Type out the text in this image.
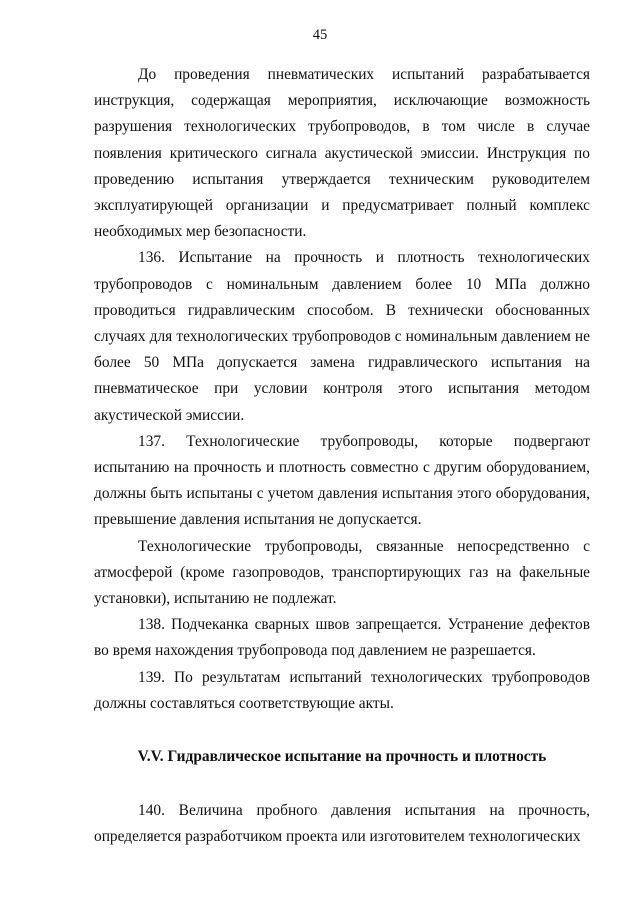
45

До проведения пневматических испытаний разрабатывается инструкция, содержащая мероприятия, исключающие возможность разрушения технологических трубопроводов, в том числе в случае появления критического сигнала акустической эмиссии. Инструкция по проведению испытания утверждается техническим руководителем эксплуатирующей организации и предусматривает полный комплекс необходимых мер безопасности.

136. Испытание на прочность и плотность технологических трубопроводов с номинальным давлением более 10 МПа должно проводиться гидравлическим способом. В технически обоснованных случаях для технологических трубопроводов с номинальным давлением не более 50 МПа допускается замена гидравлического испытания на пневматическое при условии контроля этого испытания методом акустической эмиссии.

137. Технологические трубопроводы, которые подвергают испытанию на прочность и плотность совместно с другим оборудованием, должны быть испытаны с учетом давления испытания этого оборудования, превышение давления испытания не допускается.

Технологические трубопроводы, связанные непосредственно с атмосферой (кроме газопроводов, транспортирующих газ на факельные установки), испытанию не подлежат.

138. Подчеканка сварных швов запрещается. Устранение дефектов во время нахождения трубопровода под давлением не разрешается.

139. По результатам испытаний технологических трубопроводов должны составляться соответствующие акты.

V.V. Гидравлическое испытание на прочность и плотность

140. Величина пробного давления испытания на прочность, определяется разработчиком проекта или изготовителем технологических
